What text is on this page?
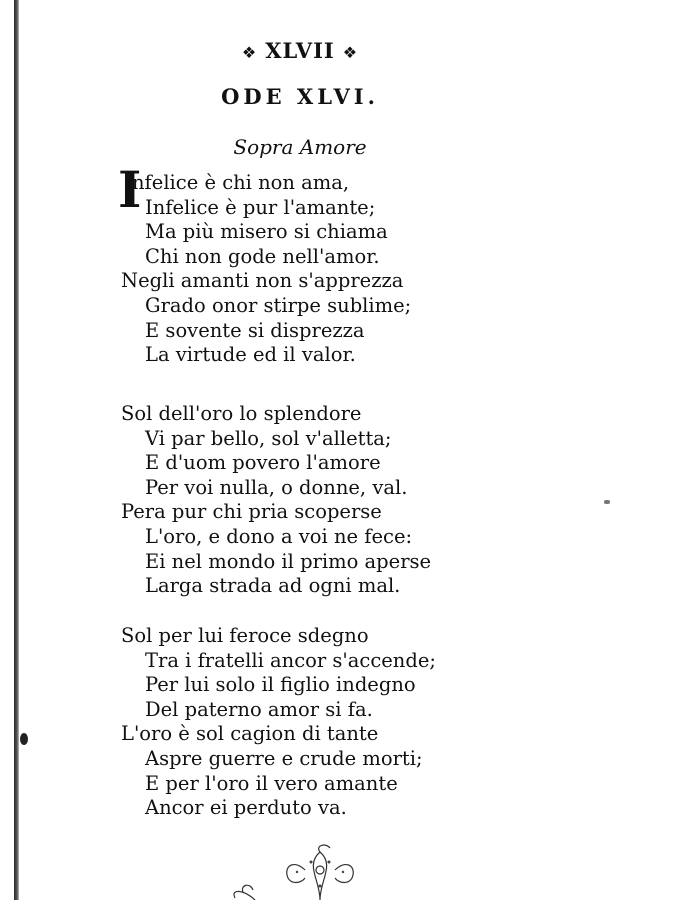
❖ XLVII ❖
ODE XLVI.
Sopra Amore
I
nfelice è chi non ama,
Infelice è pur l'amante;
Ma più misero si chiama
Chi non gode nell'amor.
Negli amanti non s'apprezza
Grado onor stirpe sublime;
E sovente si disprezza
La virtude ed il valor.
Sol dell'oro lo splendore
Vi par bello, sol v'alletta;
E d'uom povero l'amore
Per voi nulla, o donne, val.
Pera pur chi pria scoperse
L'oro, e dono a voi ne fece:
Ei nel mondo il primo aperse
Larga strada ad ogni mal.
Sol per lui feroce sdegno
Tra i fratelli ancor s'accende;
Per lui solo il figlio indegno
Del paterno amor si fa.
L'oro è sol cagion di tante
Aspre guerre e crude morti;
E per l'oro il vero amante
Ancor ei perduto va.
